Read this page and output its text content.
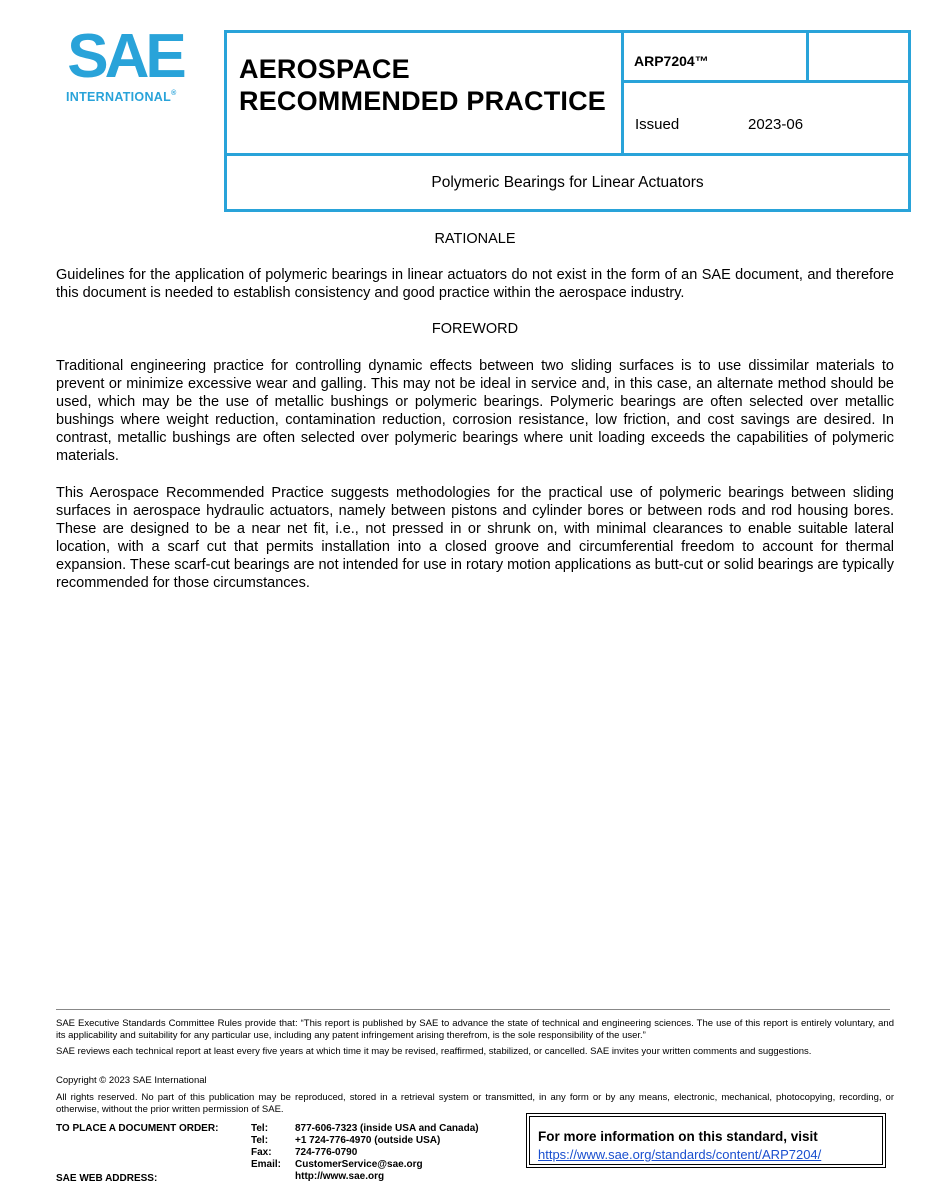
SAE
INTERNATIONAL®
AEROSPACE
RECOMMENDED PRACTICE
ARP7204™
Issued	2023-06
Polymeric Bearings for Linear Actuators
RATIONALE
Guidelines for the application of polymeric bearings in linear actuators do not exist in the form of an SAE document, and therefore this document is needed to establish consistency and good practice within the aerospace industry.
FOREWORD
Traditional engineering practice for controlling dynamic effects between two sliding surfaces is to use dissimilar materials to prevent or minimize excessive wear and galling. This may not be ideal in service and, in this case, an alternate method should be used, which may be the use of metallic bushings or polymeric bearings. Polymeric bearings are often selected over metallic bushings where weight reduction, contamination reduction, corrosion resistance, low friction, and cost savings are desired. In contrast, metallic bushings are often selected over polymeric bearings where unit loading exceeds the capabilities of polymeric materials.
This Aerospace Recommended Practice suggests methodologies for the practical use of polymeric bearings between sliding surfaces in aerospace hydraulic actuators, namely between pistons and cylinder bores or between rods and rod housing bores. These are designed to be a near net fit, i.e., not pressed in or shrunk on, with minimal clearances to enable suitable lateral location, with a scarf cut that permits installation into a closed groove and circumferential freedom to account for thermal expansion. These scarf-cut bearings are not intended for use in rotary motion applications as butt-cut or solid bearings are typically recommended for those circumstances.
SAE Executive Standards Committee Rules provide that: “This report is published by SAE to advance the state of technical and engineering sciences. The use of this report is entirely voluntary, and its applicability and suitability for any particular use, including any patent infringement arising therefrom, is the sole responsibility of the user.”
SAE reviews each technical report at least every five years at which time it may be revised, reaffirmed, stabilized, or cancelled. SAE invites your written comments and suggestions.
Copyright © 2023 SAE International
All rights reserved. No part of this publication may be reproduced, stored in a retrieval system or transmitted, in any form or by any means, electronic, mechanical, photocopying, recording, or otherwise, without the prior written permission of SAE.
TO PLACE A DOCUMENT ORDER:
SAE WEB ADDRESS:
Tel:	877-606-7323 (inside USA and Canada)
Tel:	+1 724-776-4970 (outside USA)
Fax:	724-776-0790
Email:	CustomerService@sae.org
http://www.sae.org
For more information on this standard, visit
https://www.sae.org/standards/content/ARP7204/
